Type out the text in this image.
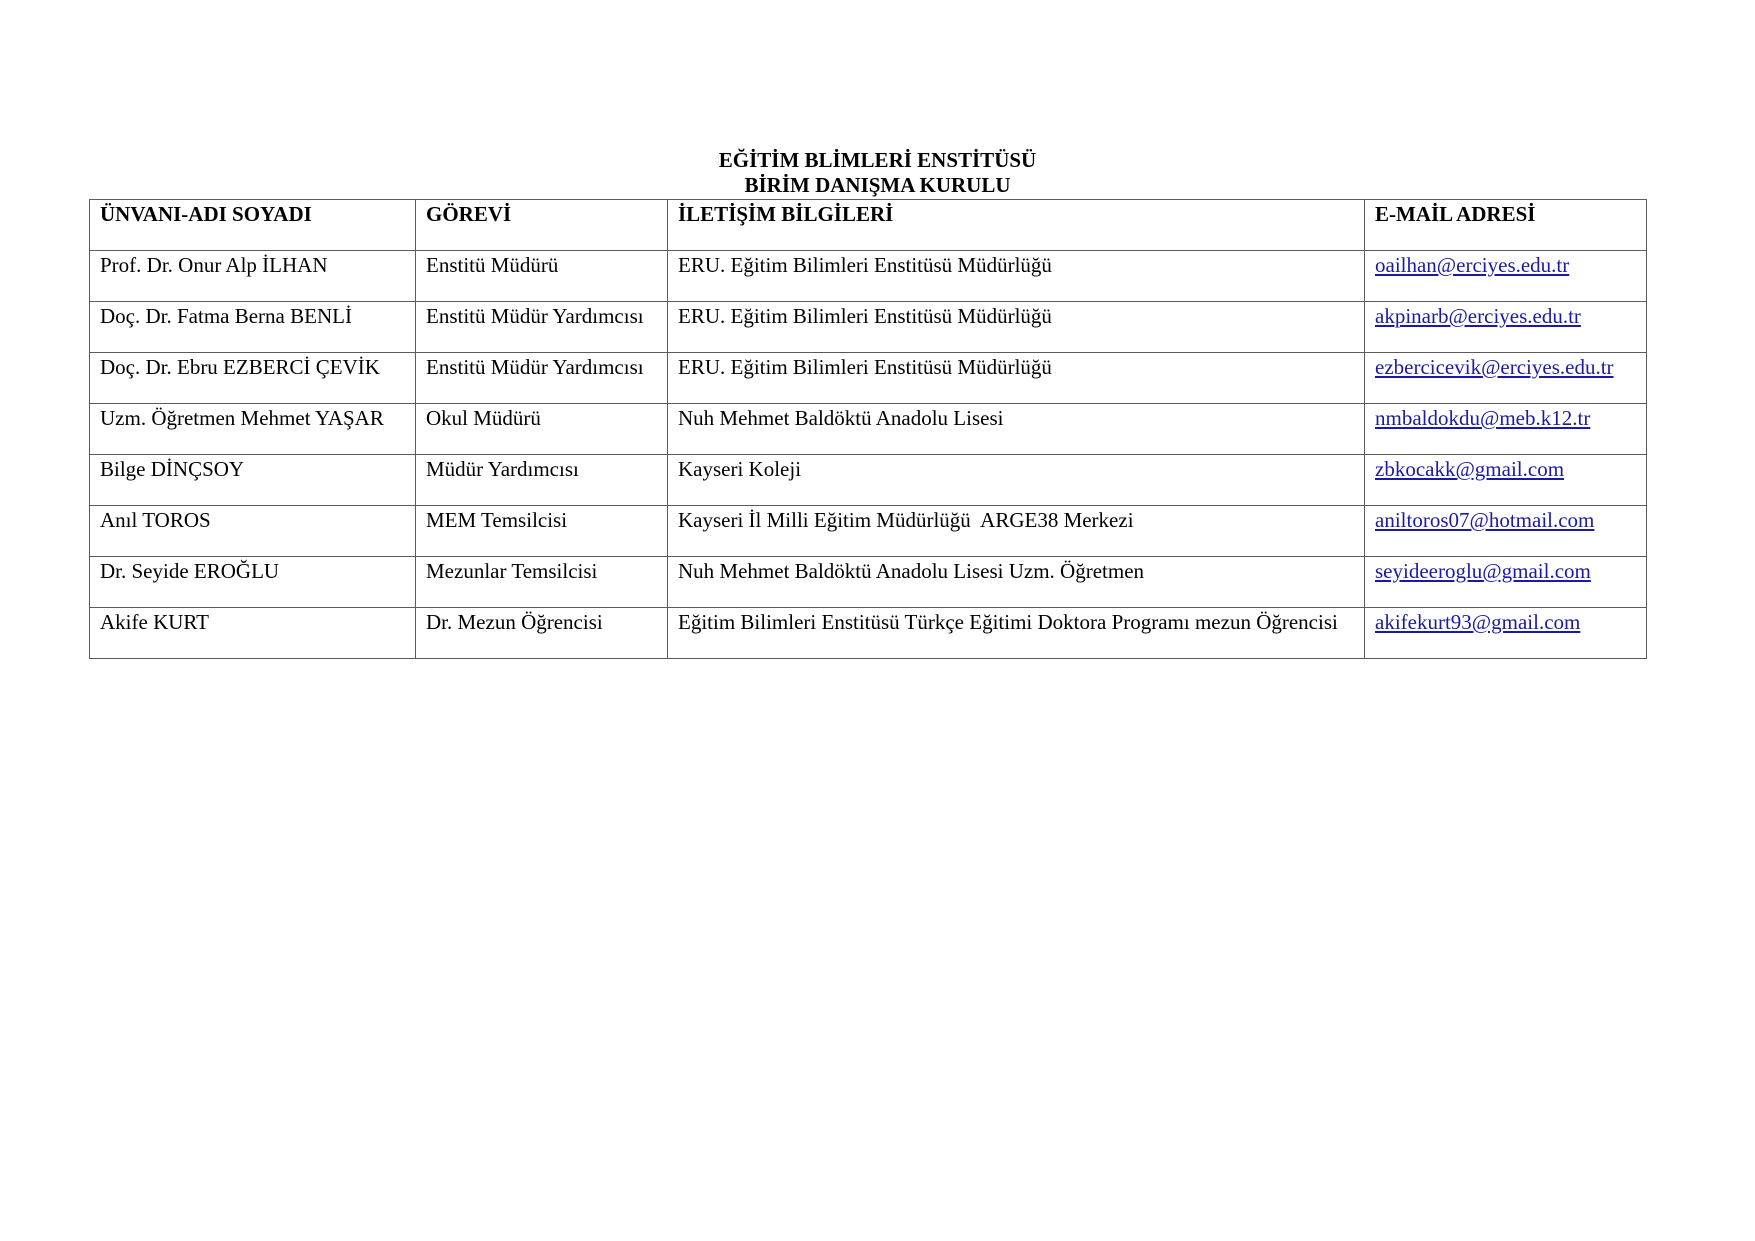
EĞİTİM BLİMLERİ ENSTİTÜSÜ
BİRİM DANIŞMA KURULU
ÜNVANI-ADI SOYADI	GÖREVİ	İLETİŞİM BİLGİLERİ	E-MAİL ADRESİ
Prof. Dr. Onur Alp İLHAN	Enstitü Müdürü	ERU. Eğitim Bilimleri Enstitüsü Müdürlüğü	oailhan@erciyes.edu.tr
Doç. Dr. Fatma Berna BENLİ	Enstitü Müdür Yardımcısı	ERU. Eğitim Bilimleri Enstitüsü Müdürlüğü	akpinarb@erciyes.edu.tr
Doç. Dr. Ebru EZBERCİ ÇEVİK	Enstitü Müdür Yardımcısı	ERU. Eğitim Bilimleri Enstitüsü Müdürlüğü	ezbercicevik@erciyes.edu.tr
Uzm. Öğretmen Mehmet YAŞAR	Okul Müdürü	Nuh Mehmet Baldöktü Anadolu Lisesi	nmbaldokdu@meb.k12.tr
Bilge DİNÇSOY	Müdür Yardımcısı	Kayseri Koleji	zbkocakk@gmail.com
Anıl TOROS	MEM Temsilcisi	Kayseri İl Milli Eğitim Müdürlüğü  ARGE38 Merkezi	aniltoros07@hotmail.com
Dr. Seyide EROĞLU	Mezunlar Temsilcisi	Nuh Mehmet Baldöktü Anadolu Lisesi Uzm. Öğretmen	seyideeroglu@gmail.com
Akife KURT	Dr. Mezun Öğrencisi	Eğitim Bilimleri Enstitüsü Türkçe Eğitimi Doktora Programı mezun Öğrencisi	akifekurt93@gmail.com
